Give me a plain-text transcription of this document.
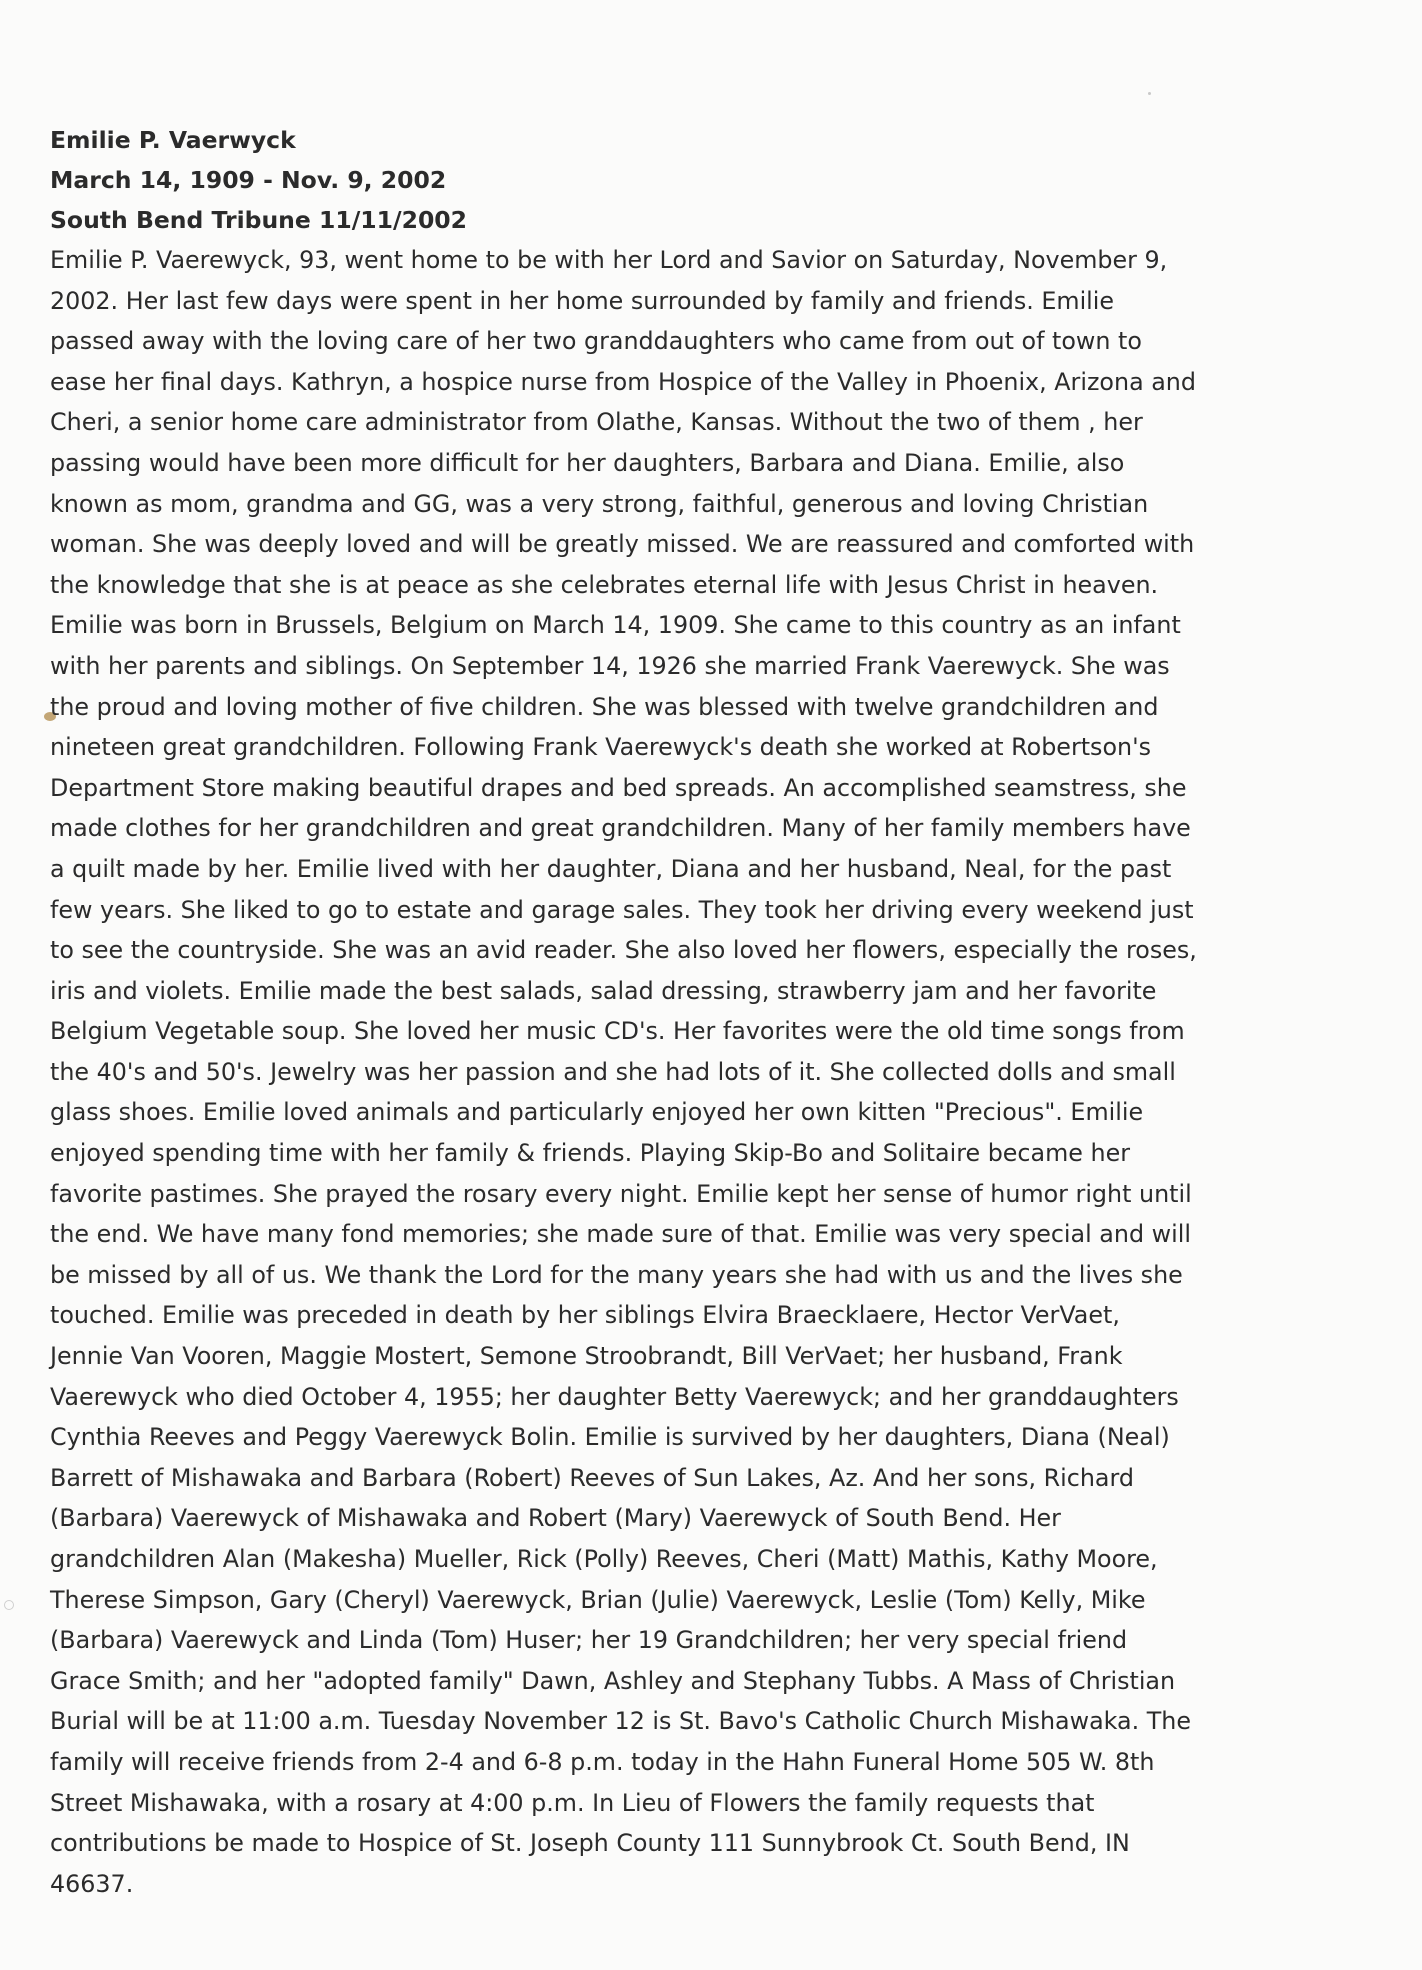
Emilie P. Vaerwyck
March 14, 1909 - Nov. 9, 2002
South Bend Tribune 11/11/2002
Emilie P. Vaerewyck, 93, went home to be with her Lord and Savior on Saturday, November 9,
2002. Her last few days were spent in her home surrounded by family and friends. Emilie
passed away with the loving care of her two granddaughters who came from out of town to
ease her final days. Kathryn, a hospice nurse from Hospice of the Valley in Phoenix, Arizona and
Cheri, a senior home care administrator from Olathe, Kansas. Without the two of them , her
passing would have been more difficult for her daughters, Barbara and Diana. Emilie, also
known as mom, grandma and GG, was a very strong, faithful, generous and loving Christian
woman. She was deeply loved and will be greatly missed. We are reassured and comforted with
the knowledge that she is at peace as she celebrates eternal life with Jesus Christ in heaven.
Emilie was born in Brussels, Belgium on March 14, 1909. She came to this country as an infant
with her parents and siblings. On September 14, 1926 she married Frank Vaerewyck. She was
the proud and loving mother of five children. She was blessed with twelve grandchildren and
nineteen great grandchildren. Following Frank Vaerewyck's death she worked at Robertson's
Department Store making beautiful drapes and bed spreads. An accomplished seamstress, she
made clothes for her grandchildren and great grandchildren. Many of her family members have
a quilt made by her. Emilie lived with her daughter, Diana and her husband, Neal, for the past
few years. She liked to go to estate and garage sales. They took her driving every weekend just
to see the countryside. She was an avid reader. She also loved her flowers, especially the roses,
iris and violets. Emilie made the best salads, salad dressing, strawberry jam and her favorite
Belgium Vegetable soup. She loved her music CD's. Her favorites were the old time songs from
the 40's and 50's. Jewelry was her passion and she had lots of it. She collected dolls and small
glass shoes. Emilie loved animals and particularly enjoyed her own kitten "Precious". Emilie
enjoyed spending time with her family & friends. Playing Skip-Bo and Solitaire became her
favorite pastimes. She prayed the rosary every night. Emilie kept her sense of humor right until
the end. We have many fond memories; she made sure of that. Emilie was very special and will
be missed by all of us. We thank the Lord for the many years she had with us and the lives she
touched. Emilie was preceded in death by her siblings Elvira Braecklaere, Hector VerVaet,
Jennie Van Vooren, Maggie Mostert, Semone Stroobrandt, Bill VerVaet; her husband, Frank
Vaerewyck who died October 4, 1955; her daughter Betty Vaerewyck; and her granddaughters
Cynthia Reeves and Peggy Vaerewyck Bolin. Emilie is survived by her daughters, Diana (Neal)
Barrett of Mishawaka and Barbara (Robert) Reeves of Sun Lakes, Az. And her sons, Richard
(Barbara) Vaerewyck of Mishawaka and Robert (Mary) Vaerewyck of South Bend. Her
grandchildren Alan (Makesha) Mueller, Rick (Polly) Reeves, Cheri (Matt) Mathis, Kathy Moore,
Therese Simpson, Gary (Cheryl) Vaerewyck, Brian (Julie) Vaerewyck, Leslie (Tom) Kelly, Mike
(Barbara) Vaerewyck and Linda (Tom) Huser; her 19 Grandchildren; her very special friend
Grace Smith; and her "adopted family" Dawn, Ashley and Stephany Tubbs. A Mass of Christian
Burial will be at 11:00 a.m. Tuesday November 12 is St. Bavo's Catholic Church Mishawaka. The
family will receive friends from 2-4 and 6-8 p.m. today in the Hahn Funeral Home 505 W. 8th
Street Mishawaka, with a rosary at 4:00 p.m. In Lieu of Flowers the family requests that
contributions be made to Hospice of St. Joseph County 111 Sunnybrook Ct. South Bend, IN
46637.
